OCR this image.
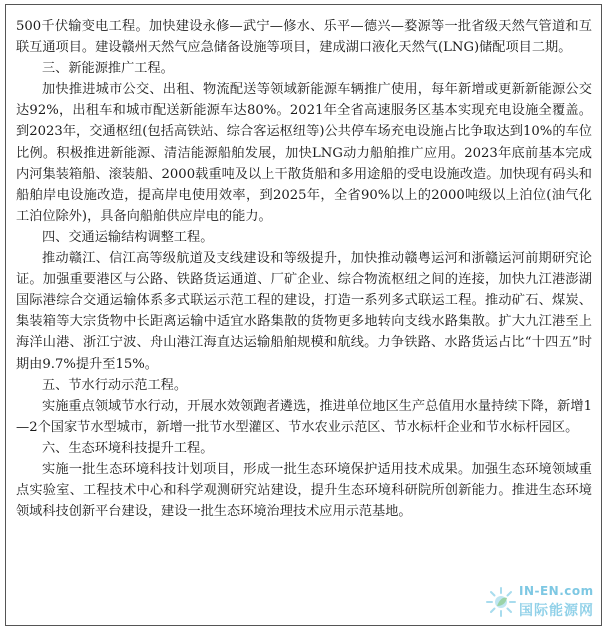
500千伏输变电工程。加快建设永修—武宁—修水、乐平—德兴—婺源等一批省级天然气管道和互联互通项目。建设赣州天然气应急储备设施等项目，建成湖口液化天然气(LNG)储配项目二期。

三、新能源推广工程。

加快推进城市公交、出租、物流配送等领域新能源车辆推广使用，每年新增或更新新能源公交达92%，出租车和城市配送新能源车达80%。2021年全省高速服务区基本实现充电设施全覆盖。到2023年，交通枢纽(包括高铁站、综合客运枢纽等)公共停车场充电设施占比争取达到10%的车位比例。积极推进新能源、清洁能源船舶发展，加快LNG动力船舶推广应用。2023年底前基本完成内河集装箱船、滚装船、2000载重吨及以上干散货船和多用途船的受电设施改造。加快现有码头和船舶岸电设施改造，提高岸电使用效率，到2025年，全省90%以上的2000吨级以上泊位(油气化工泊位除外)，具备向船舶供应岸电的能力。

四、交通运输结构调整工程。

推动赣江、信江高等级航道及支线建设和等级提升，加快推动赣粤运河和浙赣运河前期研究论证。加强重要港区与公路、铁路货运通道、厂矿企业、综合物流枢纽之间的连接，加快九江港澎湖国际港综合交通运输体系多式联运示范工程的建设，打造一系列多式联运工程。推动矿石、煤炭、集装箱等大宗货物中长距离运输中适宜水路集散的货物更多地转向支线水路集散。扩大九江港至上海洋山港、浙江宁波、舟山港江海直达运输船舶规模和航线。力争铁路、水路货运占比“十四五”时期由9.7%提升至15%。

五、节水行动示范工程。

实施重点领域节水行动，开展水效领跑者遴选，推进单位地区生产总值用水量持续下降，新增1—2个国家节水型城市，新增一批节水型灌区、节水农业示范区、节水标杆企业和节水标杆园区。

六、生态环境科技提升工程。

实施一批生态环境科技计划项目，形成一批生态环境保护适用技术成果。加强生态环境领域重点实验室、工程技术中心和科学观测研究站建设，提升生态环境科研院所创新能力。推进生态环境领域科技创新平台建设，建设一批生态环境治理技术应用示范基地。

IN-EN.com
国际能源网
